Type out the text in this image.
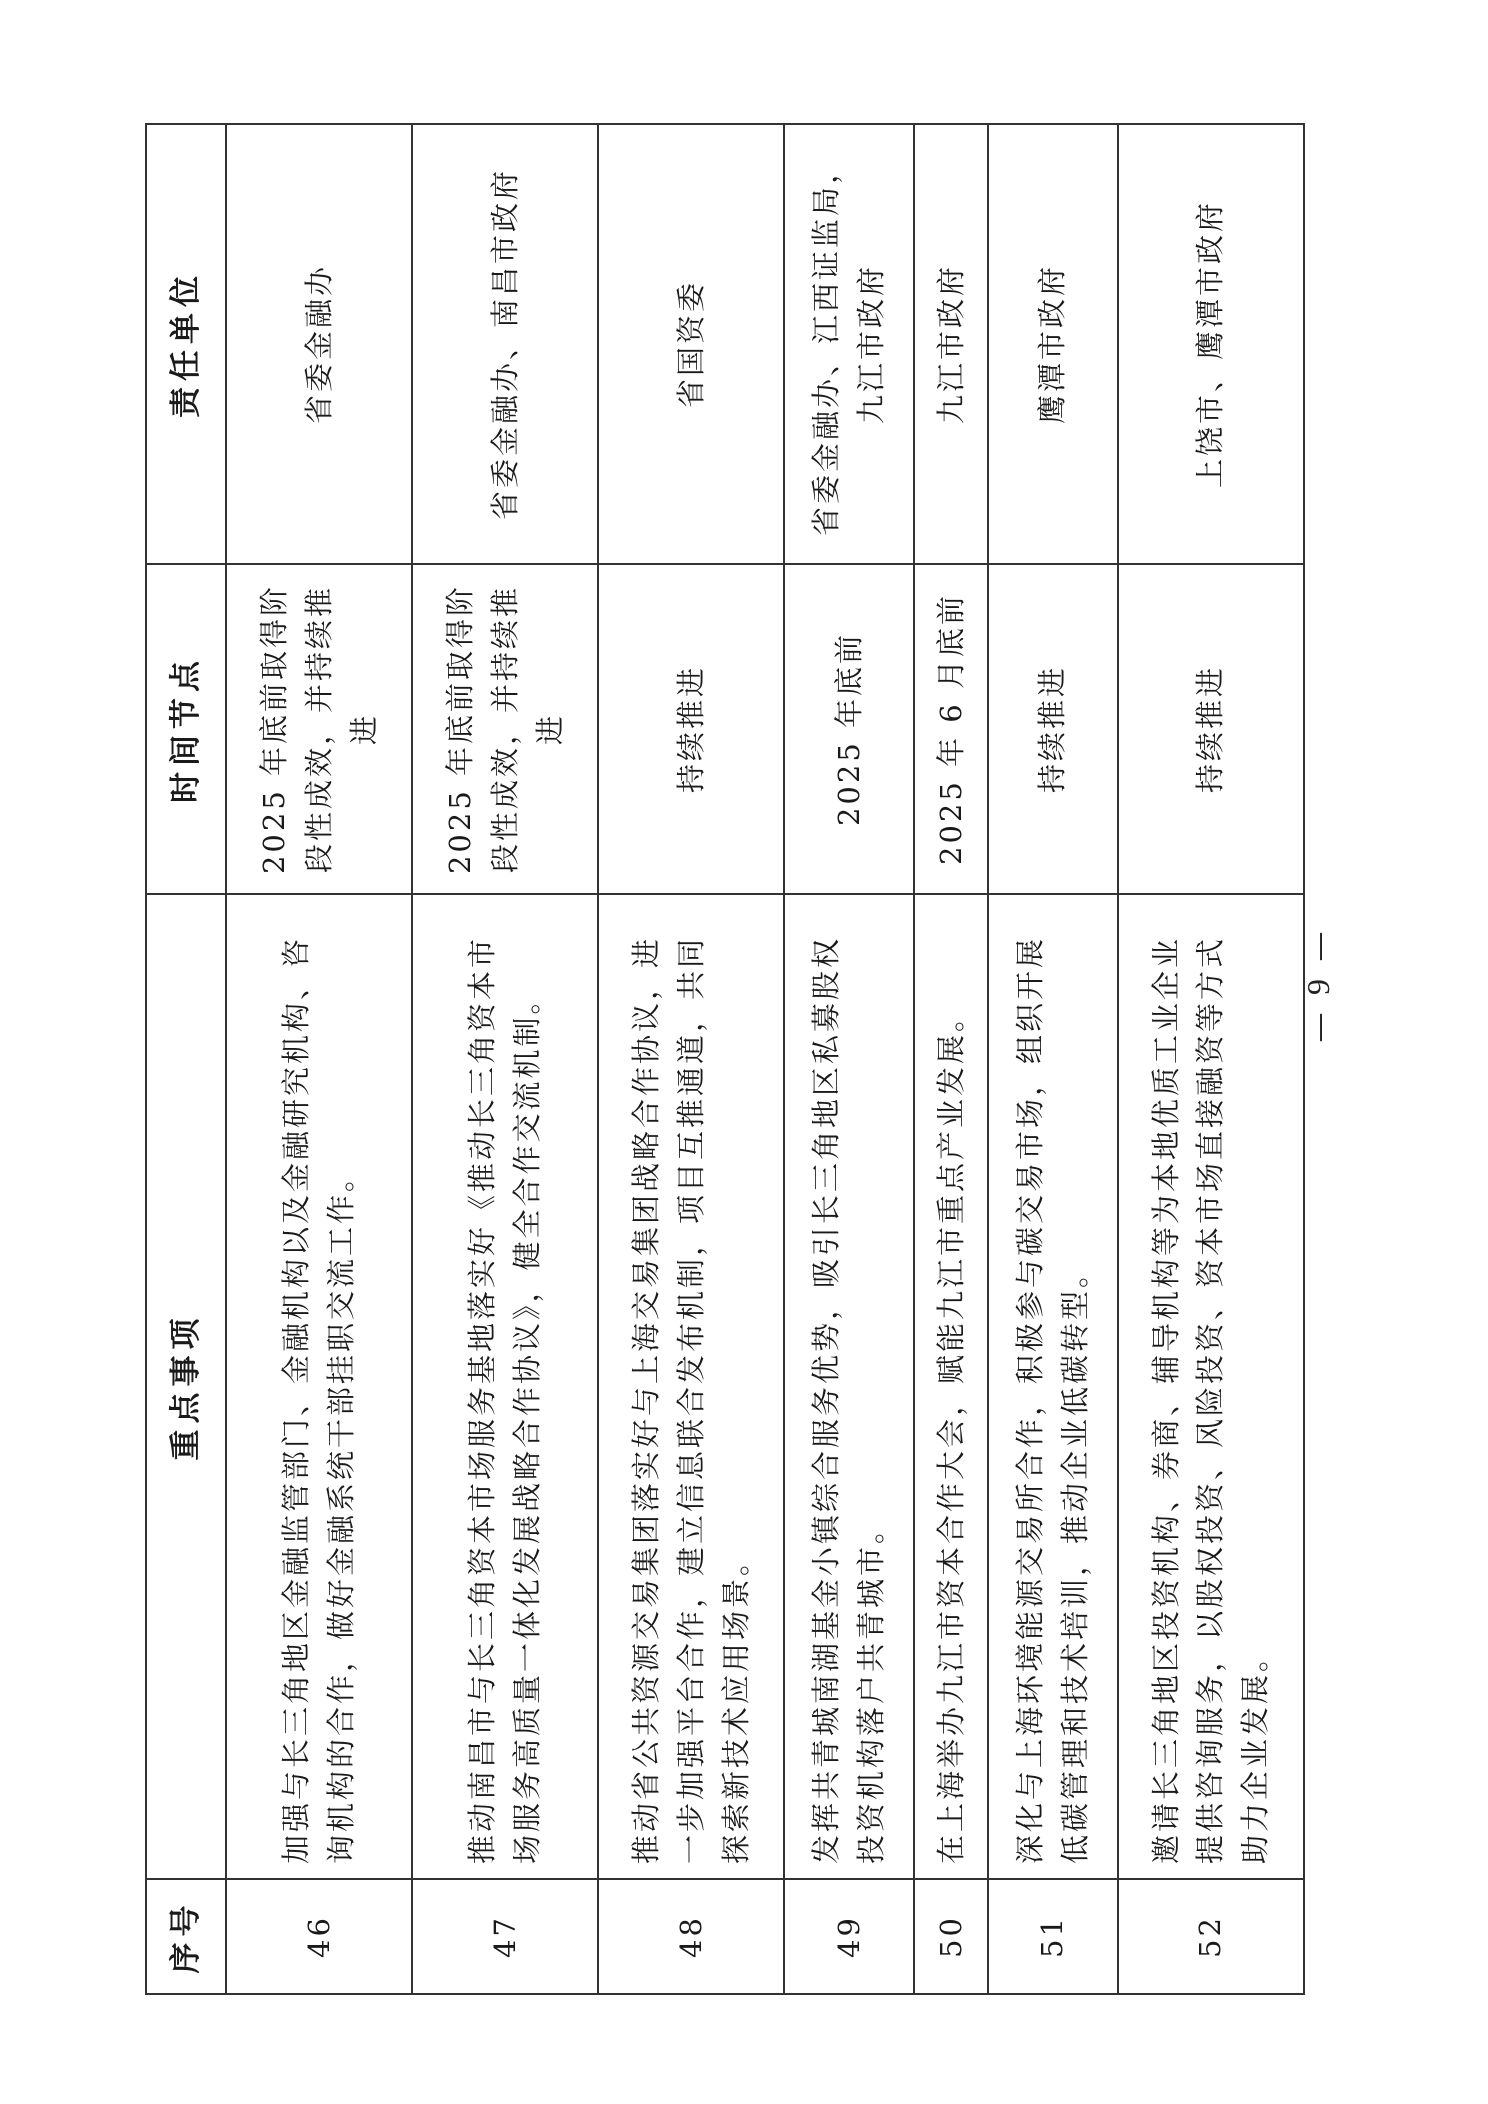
序号	重点事项	时间节点	责任单位
46	加强与长三角地区金融监管部门、金融机构以及金融研究机构、咨询机构的合作，做好金融系统干部挂职交流工作。	2025 年底前取得阶段性成效，并持续推进	省委金融办
47	推动南昌市与长三角资本市场服务基地落实好《推动长三角资本市场服务高质量一体化发展战略合作协议》，健全合作交流机制。	2025 年底前取得阶段性成效，并持续推进	省委金融办、南昌市政府
48	推动省公共资源交易集团落实好与上海交易集团战略合作协议，进一步加强平台合作，建立信息联合发布机制，项目互推通道，共同探索新技术应用场景。	持续推进	省国资委
49	发挥共青城南湖基金小镇综合服务优势，吸引长三角地区私募股权投资机构落户共青城市。	2025 年底前	省委金融办、江西证监局，九江市政府
50	在上海举办九江市资本合作大会，赋能九江市重点产业发展。	2025 年 6 月底前	九江市政府
51	深化与上海环境能源交易所合作，积极参与碳交易市场，组织开展低碳管理和技术培训，推动企业低碳转型。	持续推进	鹰潭市政府
52	邀请长三角地区投资机构、券商、辅导机构等为本地优质工业企业提供咨询服务，以股权投资、风险投资、资本市场直接融资等方式助力企业发展。	持续推进	上饶市、鹰潭市政府
— 9 —
